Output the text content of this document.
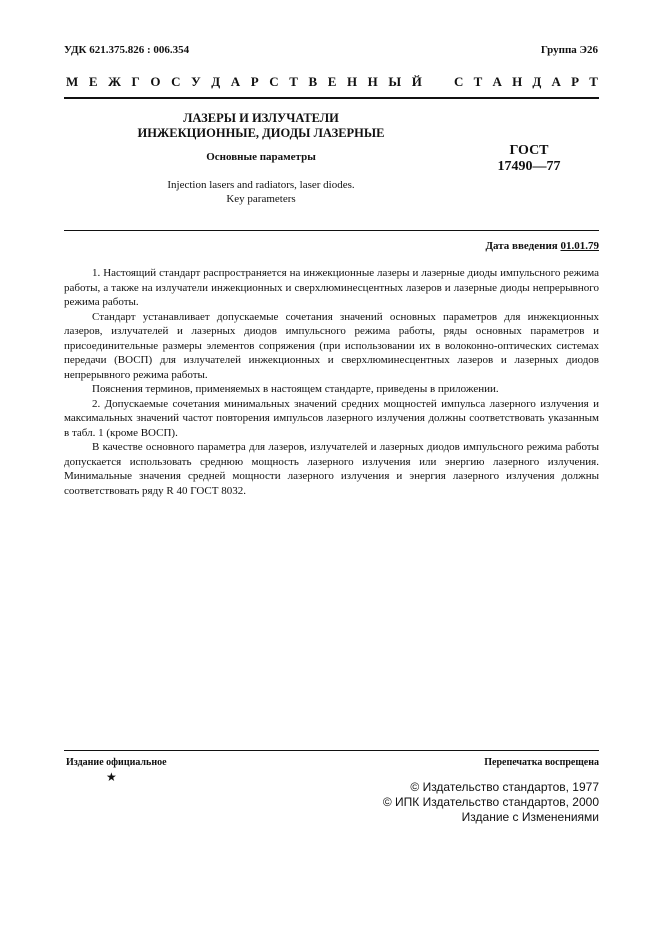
УДК 621.375.826 : 006.354	Группа Э26
М Е Ж Г О С У Д А Р С Т В Е Н Н Ы Й С Т А Н Д А Р Т
ЛАЗЕРЫ И ИЗЛУЧАТЕЛИ
ИНЖЕКЦИОННЫЕ, ДИОДЫ ЛАЗЕРНЫЕ
Основные параметры
Injection lasers and radiators, laser diodes.
Key parameters
ГОСТ
17490—77
Дата введения 01.01.79

1. Настоящий стандарт распространяется на инжекционные лазеры и лазерные диоды импульсного режима работы, а также на излучатели инжекционных и сверхлюминесцентных лазеров и лазерные диоды непрерывного режима работы.

Стандарт устанавливает допускаемые сочетания значений основных параметров для инжекционных лазеров, излучателей и лазерных диодов импульсного режима работы, ряды основных параметров и присоединительные размеры элементов сопряжения (при использовании их в волоконно-оптических системах передачи (ВОСП) для излучателей инжекционных и сверхлюминесцентных лазеров и лазерных диодов непрерывного режима работы.

Пояснения терминов, применяемых в настоящем стандарте, приведены в приложении.

2. Допускаемые сочетания минимальных значений средних мощностей импульса лазерного излучения и максимальных значений частот повторения импульсов лазерного излучения должны соответствовать указанным в табл. 1 (кроме ВОСП).

В качестве основного параметра для лазеров, излучателей и лазерных диодов импульсного режима работы допускается использовать среднюю мощность лазерного излучения или энергию лазерного излучения. Минимальные значения средней мощности лазерного излучения и энергия лазерного излучения должны соответствовать ряду R 40 ГОСТ 8032.

Издание официальное
★
Перепечатка воспрещена
© Издательство стандартов, 1977
© ИПК Издательство стандартов, 2000
Издание с Изменениями
